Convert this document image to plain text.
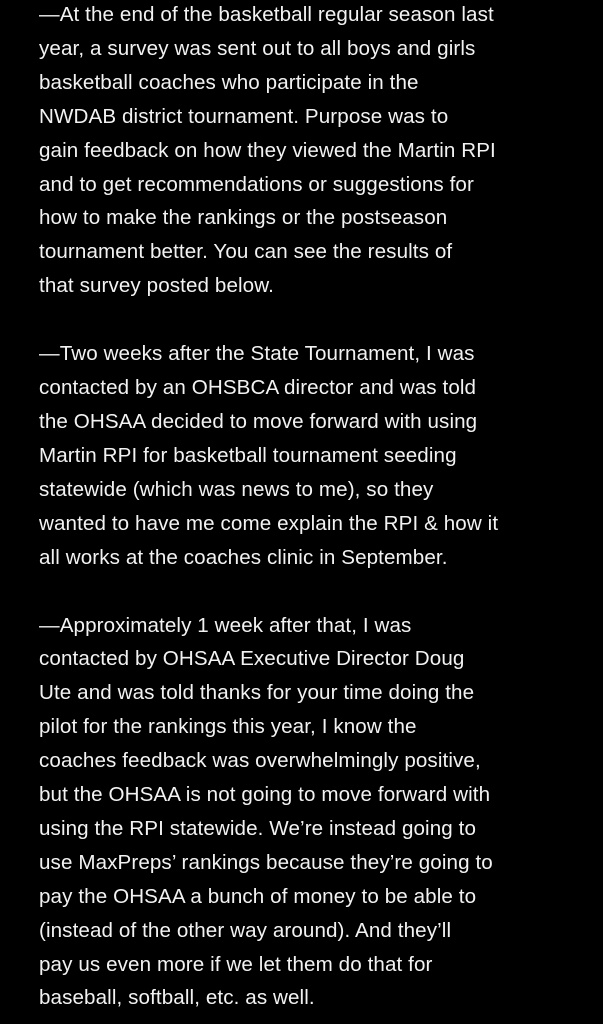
—At the end of the basketball regular season last
year, a survey was sent out to all boys and girls
basketball coaches who participate in the
NWDAB district tournament. Purpose was to
gain feedback on how they viewed the Martin RPI
and to get recommendations or suggestions for
how to make the rankings or the postseason
tournament better. You can see the results of
that survey posted below.

—Two weeks after the State Tournament, I was
contacted by an OHSBCA director and was told
the OHSAA decided to move forward with using
Martin RPI for basketball tournament seeding
statewide (which was news to me), so they
wanted to have me come explain the RPI & how it
all works at the coaches clinic in September.

—Approximately 1 week after that, I was
contacted by OHSAA Executive Director Doug
Ute and was told thanks for your time doing the
pilot for the rankings this year, I know the
coaches feedback was overwhelmingly positive,
but the OHSAA is not going to move forward with
using the RPI statewide. We’re instead going to
use MaxPreps’ rankings because they’re going to
pay the OHSAA a bunch of money to be able to
(instead of the other way around). And they’ll
pay us even more if we let them do that for
baseball, softball, etc. as well.
